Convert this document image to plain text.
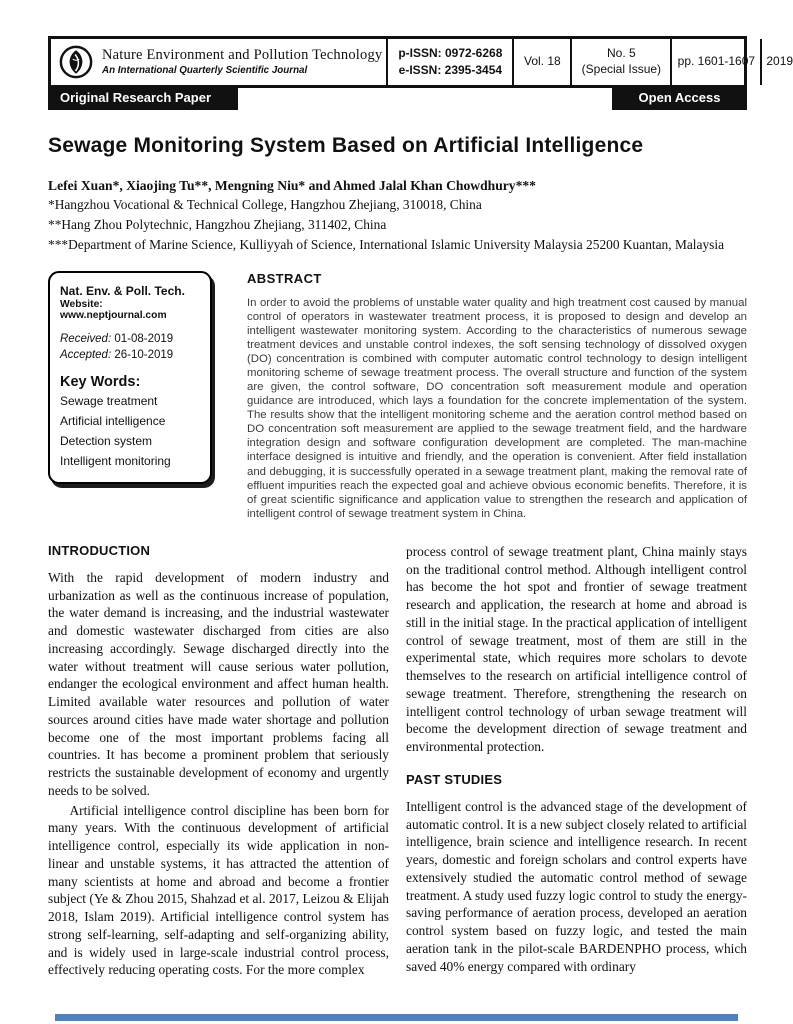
Nature Environment and Pollution Technology
An International Quarterly Scientific Journal
p-ISSN: 0972-6268
e-ISSN: 2395-3454
Vol. 18
No. 5
(Special Issue)
pp. 1601-1607 2019
Original Research Paper	Open Access
Sewage Monitoring System Based on Artificial Intelligence
Lefei Xuan*, Xiaojing Tu**, Mengning Niu* and Ahmed Jalal Khan Chowdhury***
*Hangzhou Vocational & Technical College, Hangzhou Zhejiang, 310018, China
**Hang Zhou Polytechnic, Hangzhou Zhejiang, 311402, China
***Department of Marine Science, Kulliyyah of Science, International Islamic University Malaysia 25200 Kuantan, Malaysia
Nat. Env. & Poll. Tech.
Website: www.neptjournal.com
Received: 01-08-2019
Accepted: 26-10-2019
Key Words:
Sewage treatment
Artificial intelligence
Detection system
Intelligent monitoring
ABSTRACT

In order to avoid the problems of unstable water quality and high treatment cost caused by manual control of operators in wastewater treatment process, it is proposed to design and develop an intelligent wastewater monitoring system. According to the characteristics of numerous sewage treatment devices and unstable control indexes, the soft sensing technology of dissolved oxygen (DO) concentration is combined with computer automatic control technology to design intelligent monitoring scheme of sewage treatment process. The overall structure and function of the system are given, the control software, DO concentration soft measurement module and operation guidance are introduced, which lays a foundation for the concrete implementation of the system. The results show that the intelligent monitoring scheme and the aeration control method based on DO concentration soft measurement are applied to the sewage treatment field, and the hardware integration design and software configuration development are completed. The man-machine interface designed is intuitive and friendly, and the operation is convenient. After field installation and debugging, it is successfully operated in a sewage treatment plant, making the removal rate of effluent impurities reach the expected goal and achieve obvious economic benefits. Therefore, it is of great scientific significance and application value to strengthen the research and application of intelligent control of sewage treatment system in China.

INTRODUCTION

With the rapid development of modern industry and urbanization as well as the continuous increase of population, the water demand is increasing, and the industrial wastewater and domestic wastewater discharged from cities are also increasing accordingly. Sewage discharged directly into the water without treatment will cause serious water pollution, endanger the ecological environment and affect human health. Limited available water resources and pollution of water sources around cities have made water shortage and pollution become one of the most important problems facing all countries. It has become a prominent problem that seriously restricts the sustainable development of economy and urgently needs to be solved.

Artificial intelligence control discipline has been born for many years. With the continuous development of artificial intelligence control, especially its wide application in non-linear and unstable systems, it has attracted the attention of many scientists at home and abroad and become a frontier subject (Ye & Zhou 2015, Shahzad et al. 2017, Leizou & Elijah 2018, Islam 2019). Artificial intelligence control system has strong self-learning, self-adapting and self-organizing ability, and is widely used in large-scale industrial control process, effectively reducing operating costs. For the more complex

process control of sewage treatment plant, China mainly stays on the traditional control method. Although intelligent control has become the hot spot and frontier of sewage treatment research and application, the research at home and abroad is still in the initial stage. In the practical application of intelligent control of sewage treatment, most of them are still in the experimental state, which requires more scholars to devote themselves to the research on artificial intelligence control of sewage treatment. Therefore, strengthening the research on intelligent control technology of urban sewage treatment will become the development direction of sewage treatment and environmental protection.

PAST STUDIES

Intelligent control is the advanced stage of the development of automatic control. It is a new subject closely related to artificial intelligence, brain science and intelligence research. In recent years, domestic and foreign scholars and control experts have extensively studied the automatic control method of sewage treatment. A study used fuzzy logic control to study the energy-saving performance of aeration process, developed an aeration control system based on fuzzy logic, and tested the main aeration tank in the pilot-scale BARDENPHO process, which saved 40% energy compared with ordinary
